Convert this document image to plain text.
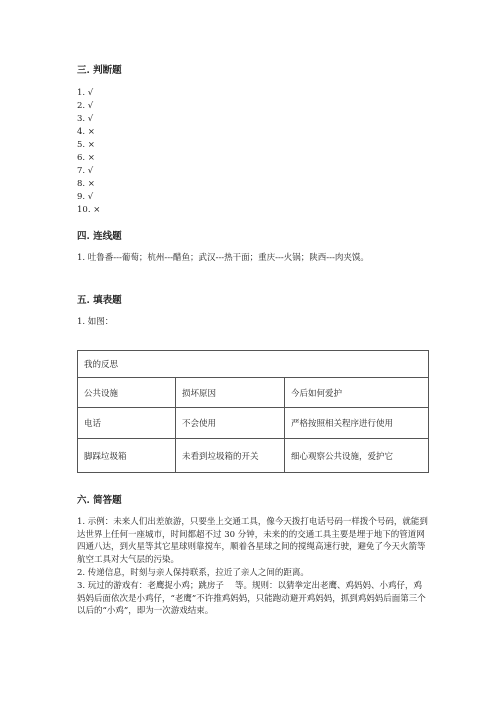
三. 判断题
1. √
2. √
3. √
4. ×
5. ×
6. ×
7. √
8. ×
9. √
10. ×
四. 连线题
1. 吐鲁番---葡萄；杭州---醋鱼；武汉---热干面；重庆---火锅；陕西---肉夹馍。
五. 填表题
1. 如图：
我的反思		
公共设施	损坏原因	今后如何爱护
电话	不会使用	严格按照相关程序进行使用
脚踩垃圾箱	未看到垃圾箱的开关	细心观察公共设施，爱护它
六. 简答题
1. 示例：未来人们出差旅游，只要坐上交通工具，像今天拨打电话号码一样拨个号码，就能到达世界上任何一座城市，时间都超不过 30 分钟，未来的的交通工具主要是埋于地下的管道网四通八达，到火星等其它星球则靠搅车，顺着各星球之间的搅绳高速行驶，避免了今天火箭等航空工具对大气层的污染。
2. 传递信息，时刻与亲人保持联系，拉近了亲人之间的距离。
3. 玩过的游戏有：老鹰捉小鸡；跳房子　 等。规则：以猜拳定出老鹰、鸡妈妈、小鸡仔，鸡妈妈后面依次是小鸡仔，“老鹰”不许推鸡妈妈，只能跑动避开鸡妈妈，抓到鸡妈妈后面第三个以后的“小鸡”，即为一次游戏结束。
